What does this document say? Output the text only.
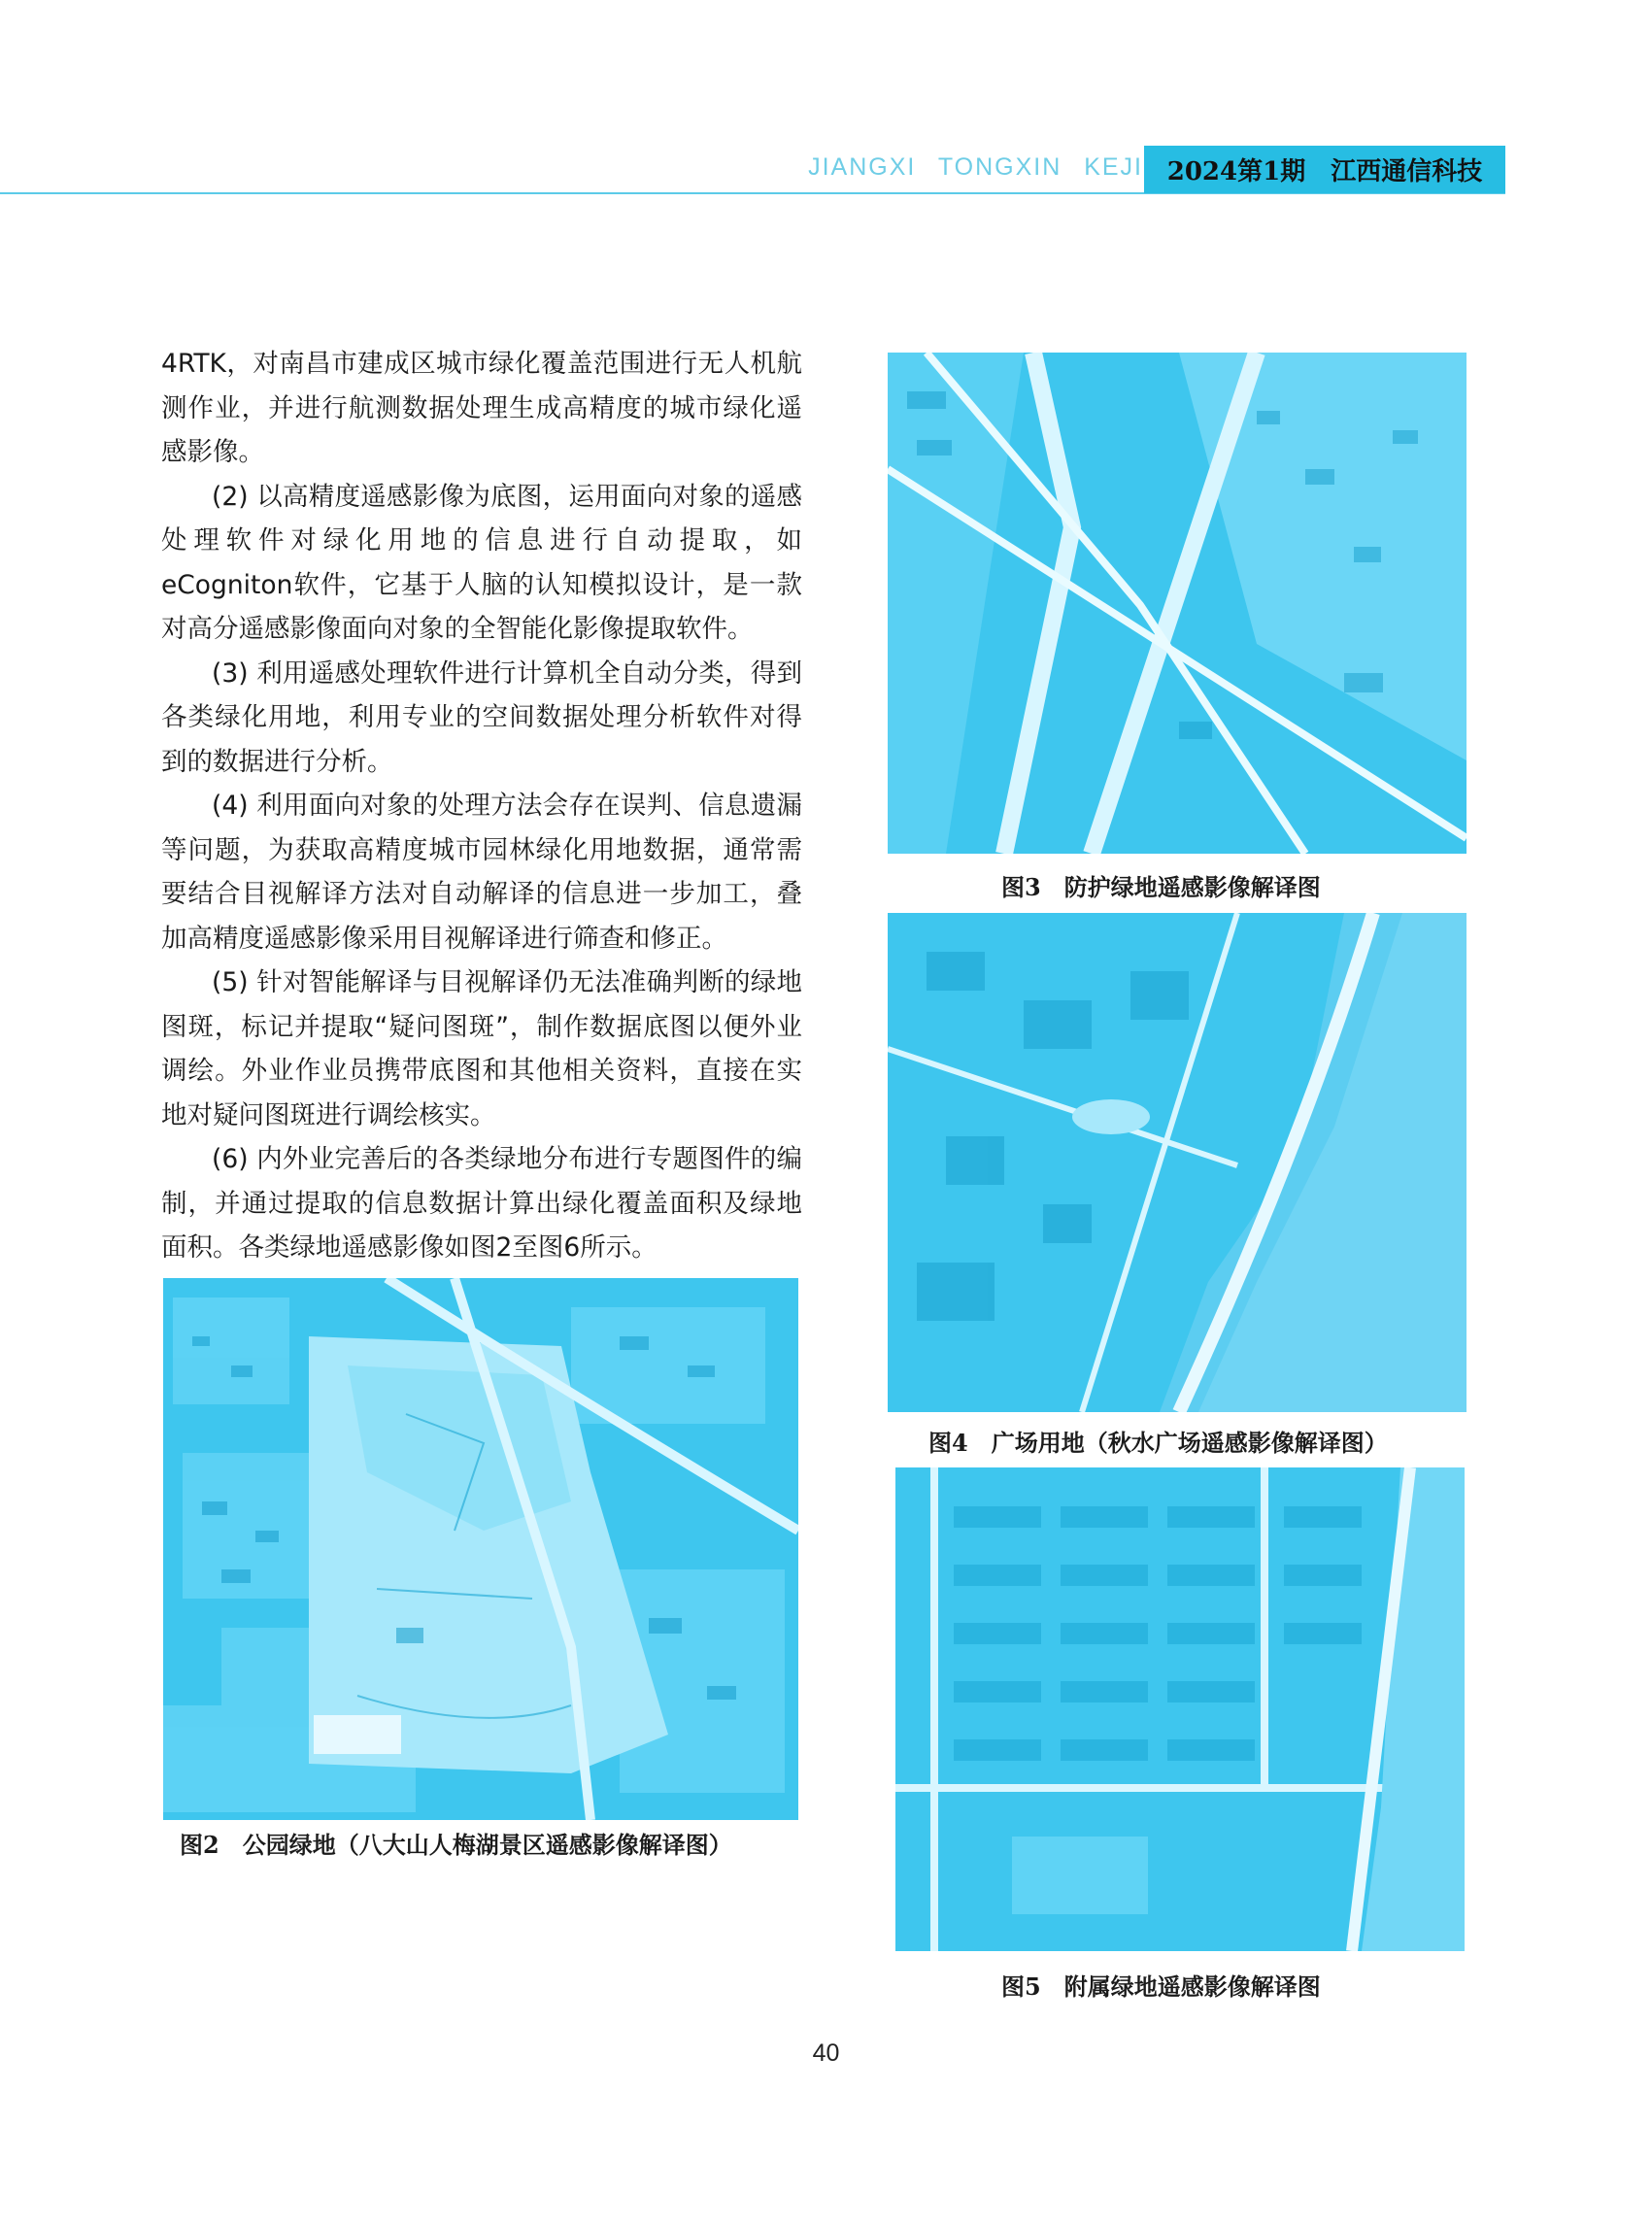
JIANGXI TONGXIN KEJI 2024第1期 江西通信科技

4RTK，对南昌市建成区城市绿化覆盖范围进行无人机航测作业，并进行航测数据处理生成高精度的城市绿化遥感影像。

(2) 以高精度遥感影像为底图，运用面向对象的遥感处理软件对绿化用地的信息进行自动提取，如eCogniton软件，它基于人脑的认知模拟设计，是一款对高分遥感影像面向对象的全智能化影像提取软件。

(3) 利用遥感处理软件进行计算机全自动分类，得到各类绿化用地，利用专业的空间数据处理分析软件对得到的数据进行分析。

(4) 利用面向对象的处理方法会存在误判、信息遗漏等问题，为获取高精度城市园林绿化用地数据，通常需要结合目视解译方法对自动解译的信息进一步加工，叠加高精度遥感影像采用目视解译进行筛查和修正。

(5) 针对智能解译与目视解译仍无法准确判断的绿地图斑，标记并提取“疑问图斑”，制作数据底图以便外业调绘。外业作业员携带底图和其他相关资料，直接在实地对疑问图斑进行调绘核实。

(6) 内外业完善后的各类绿地分布进行专题图件的编制，并通过提取的信息数据计算出绿化覆盖面积及绿地面积。各类绿地遥感影像如图2至图6所示。

图2　公园绿地（八大山人梅湖景区遥感影像解译图）
图3　防护绿地遥感影像解译图
图4　广场用地（秋水广场遥感影像解译图）
图5　附属绿地遥感影像解译图
40
